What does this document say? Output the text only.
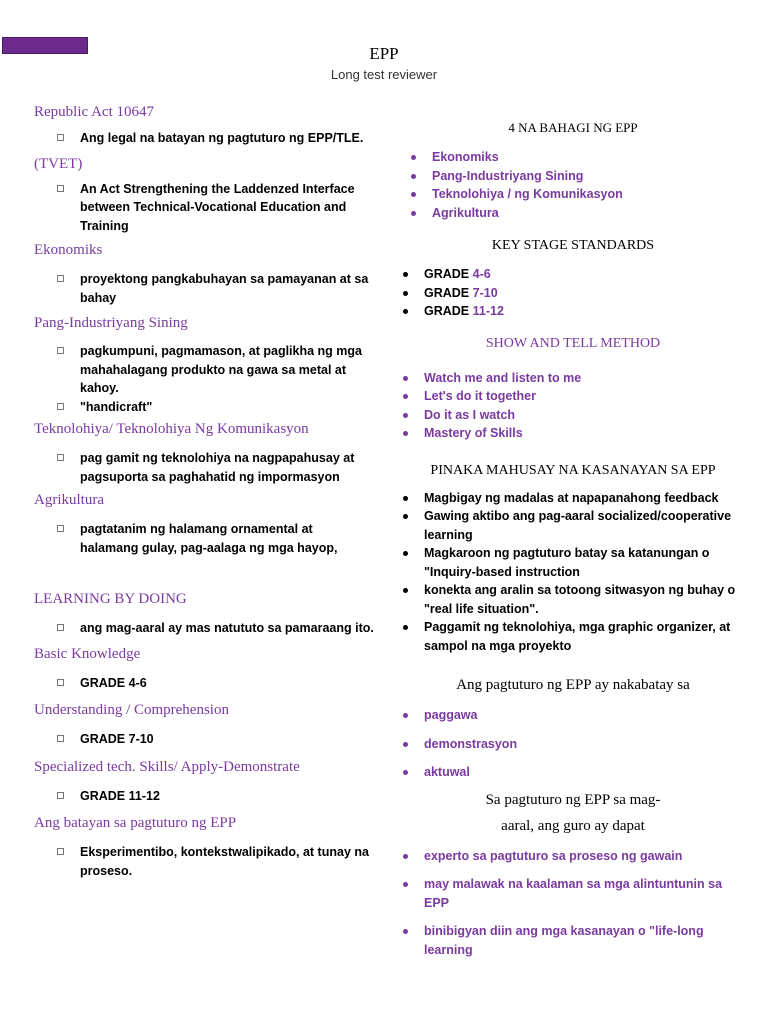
EPP
Long test reviewer

Republic Act 10647

Ang legal na batayan ng pagtuturo ng EPP/TLE.

(TVET)

An Act Strengthening the Laddenzed Interface between Technical-Vocational Education and Training

Ekonomiks

proyektong pangkabuhayan sa pamayanan at sa bahay

Pang-Industriyang Sining

pagkumpuni, pagmamason, at paglikha ng mga mahahalagang produkto na gawa sa metal at kahoy.
"handicraft"

Teknolohiya/ Teknolohiya Ng Komunikasyon

pag gamit ng teknolohiya na nagpapahusay at pagsuporta sa paghahatid ng impormasyon

Agrikultura

pagtatanim ng halamang ornamental at halamang gulay, pag-aalaga ng mga hayop,

LEARNING BY DOING

ang mag-aaral ay mas natututo sa pamaraang ito.

Basic Knowledge

GRADE 4-6

Understanding / Comprehension

GRADE 7-10

Specialized tech. Skills/ Apply-Demonstrate

GRADE 11-12

Ang batayan sa pagtuturo ng EPP

Eksperimentibo, kontekstwalipikado, at tunay na proseso.

4 NA BAHAGI NG EPP

Ekonomiks
Pang-Industriyang Sining
Teknolohiya / ng Komunikasyon
Agrikultura

KEY STAGE STANDARDS

GRADE 4-6
GRADE 7-10
GRADE 11-12

SHOW AND TELL METHOD

Watch me and listen to me
Let's do it together
Do it as I watch
Mastery of Skills

PINAKA MAHUSAY NA KASANAYAN SA EPP

Magbigay ng madalas at napapanahong feedback
Gawing aktibo ang pag-aaral socialized/cooperative learning
Magkaroon ng pagtuturo batay sa katanungan o "Inquiry-based instruction
konekta ang aralin sa totoong sitwasyon ng buhay o "real life situation".
Paggamit ng teknolohiya, mga graphic organizer, at sampol na mga proyekto

Ang pagtuturo ng EPP ay nakabatay sa

paggawa
demonstrasyon
aktuwal

Sa pagtuturo ng EPP sa mag-

aaral, ang guro ay dapat

experto sa pagtuturo sa proseso ng gawain
may malawak na kaalaman sa mga alintuntunin sa EPP
binibigyan diin ang mga kasanayan o "life-long learning
